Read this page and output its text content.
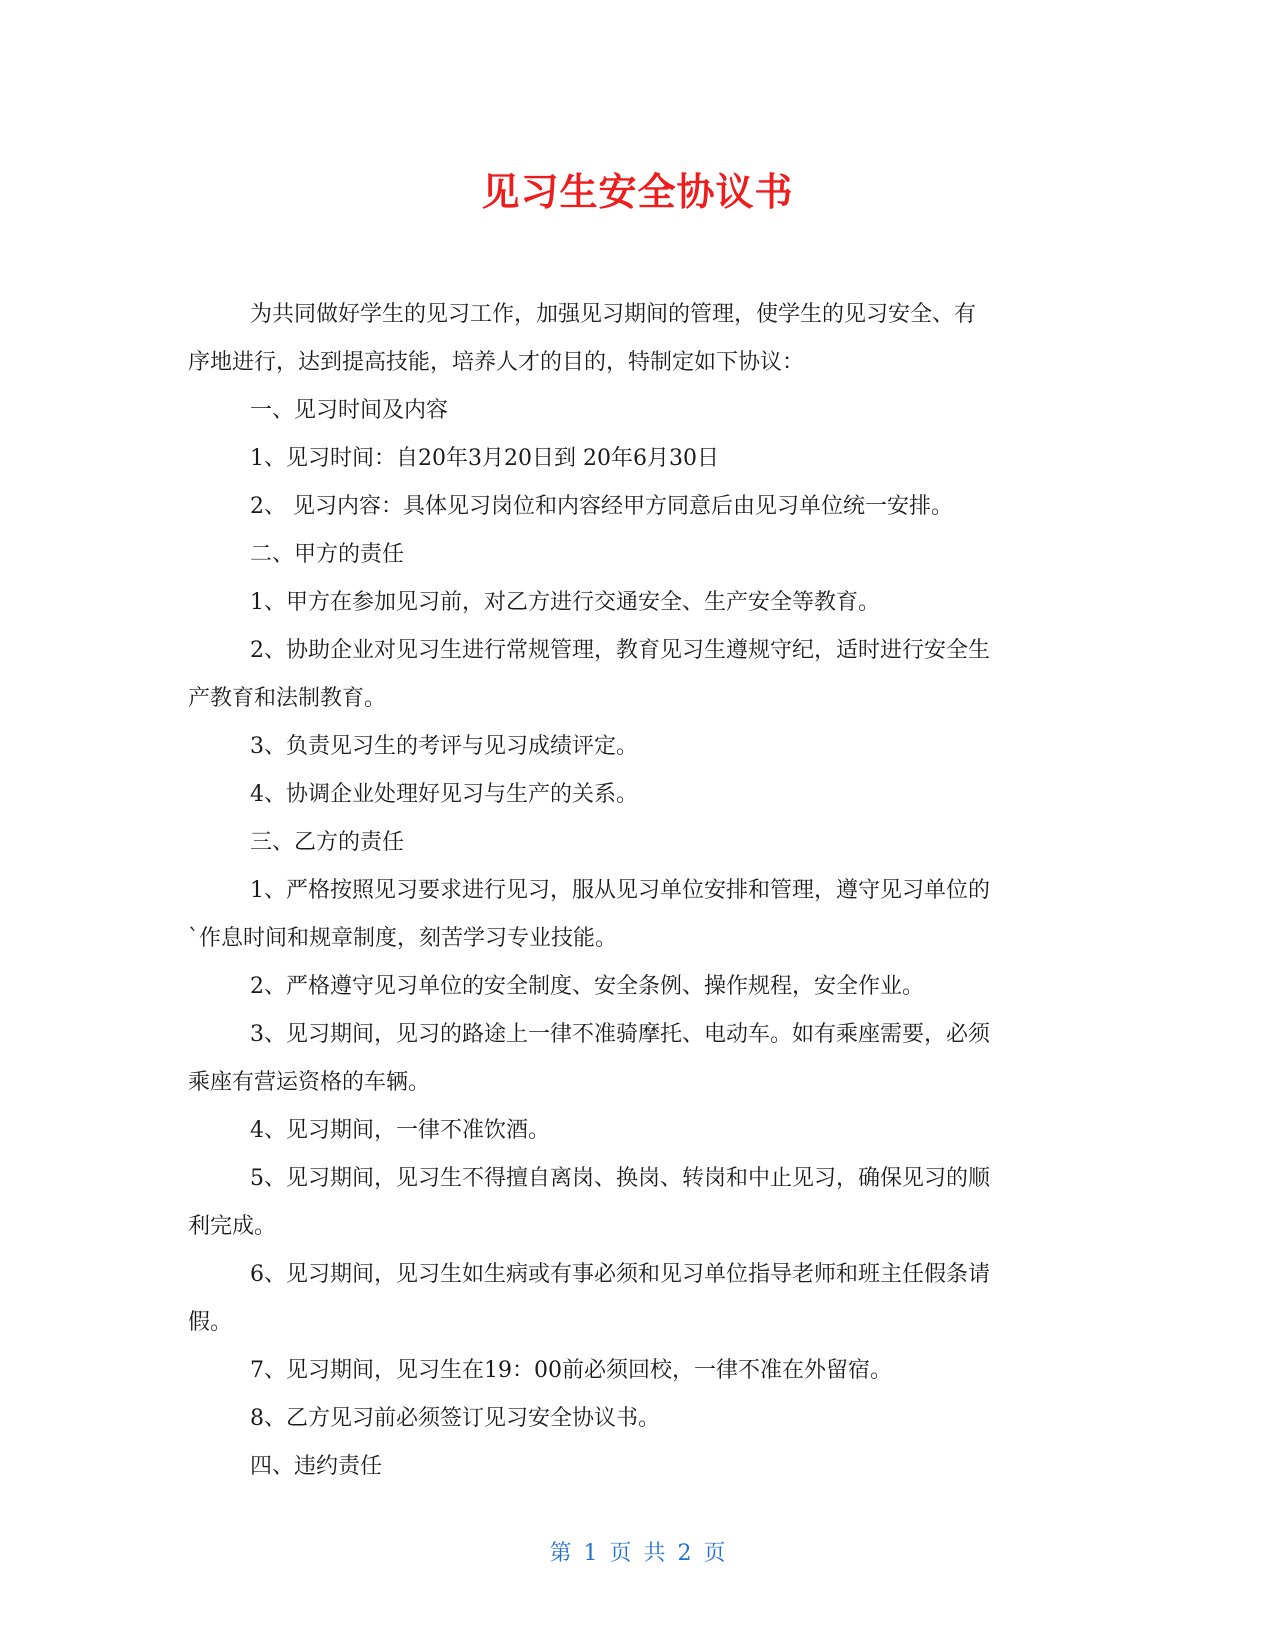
见习生安全协议书

为共同做好学生的见习工作，加强见习期间的管理，使学生的见习安全、有

序地进行，达到提高技能，培养人才的目的，特制定如下协议：

一、见习时间及内容

1、见习时间：自20年3月20日到 20年6月30日

2、 见习内容：具体见习岗位和内容经甲方同意后由见习单位统一安排。

二、甲方的责任

1、甲方在参加见习前，对乙方进行交通安全、生产安全等教育。

2、协助企业对见习生进行常规管理，教育见习生遵规守纪，适时进行安全生

产教育和法制教育。

3、负责见习生的考评与见习成绩评定。

4、协调企业处理好见习与生产的关系。

三、乙方的责任

1、严格按照见习要求进行见习，服从见习单位安排和管理，遵守见习单位的

`作息时间和规章制度，刻苦学习专业技能。

2、严格遵守见习单位的安全制度、安全条例、操作规程，安全作业。

3、见习期间，见习的路途上一律不准骑摩托、电动车。如有乘座需要，必须

乘座有营运资格的车辆。

4、见习期间，一律不准饮酒。

5、见习期间，见习生不得擅自离岗、换岗、转岗和中止见习，确保见习的顺

利完成。

6、见习期间，见习生如生病或有事必须和见习单位指导老师和班主任假条请

假。

7、见习期间，见习生在19：00前必须回校，一律不准在外留宿。

8、乙方见习前必须签订见习安全协议书。

四、违约责任

第 1 页 共 2 页
